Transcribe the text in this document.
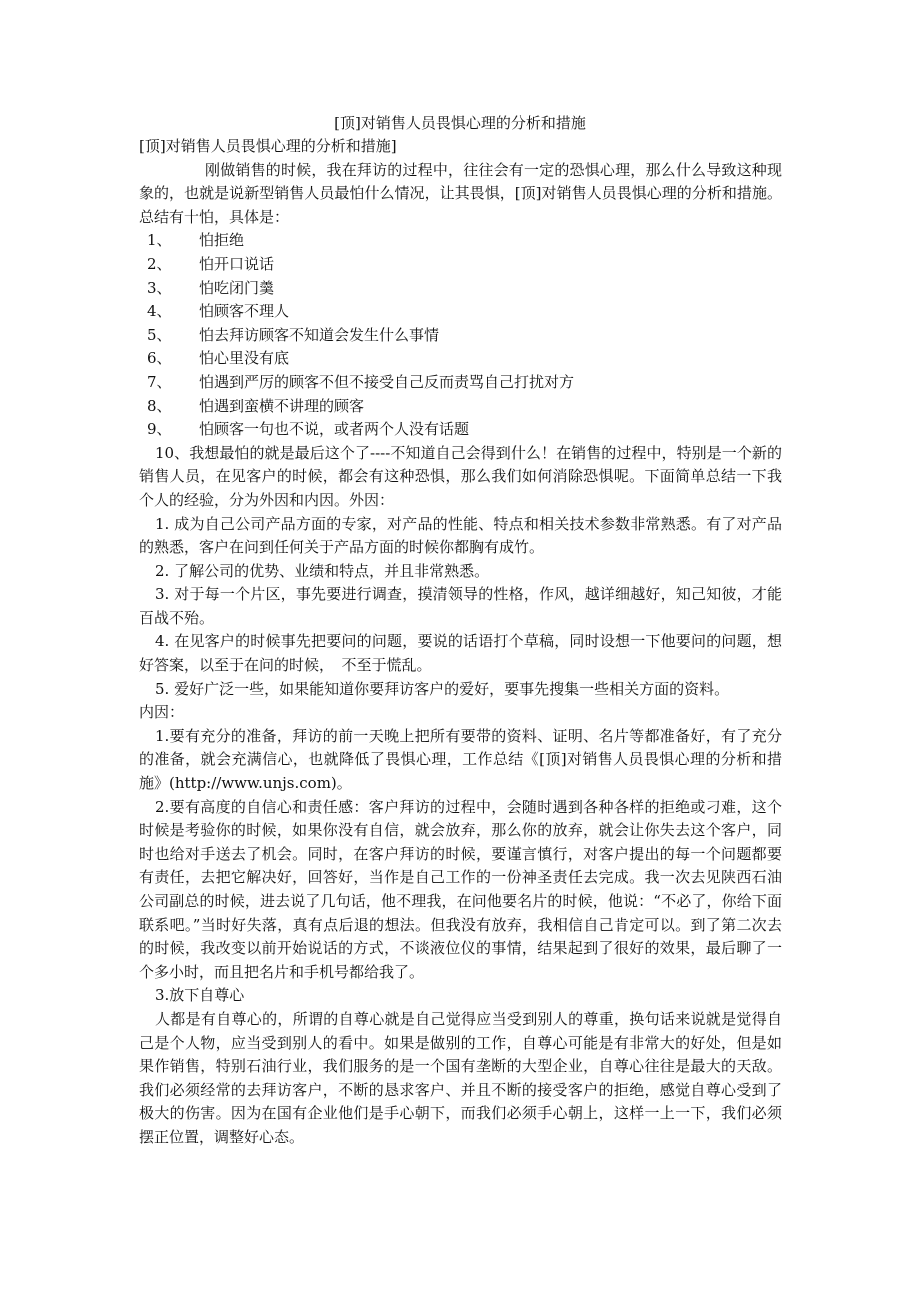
[顶]对销售人员畏惧心理的分析和措施

[顶]对销售人员畏惧心理的分析和措施]

刚做销售的时候，我在拜访的过程中，往往会有一定的恐惧心理，那么什么导致这种现象的，也就是说新型销售人员最怕什么情况，让其畏惧，[顶]对销售人员畏惧心理的分析和措施。总结有十怕，具体是：

1、 怕拒绝

2、 怕开口说话

3、 怕吃闭门羹

4、 怕顾客不理人

5、 怕去拜访顾客不知道会发生什么事情

6、 怕心里没有底

7、 怕遇到严厉的顾客不但不接受自己反而责骂自己打扰对方

8、 怕遇到蛮横不讲理的顾客

9、 怕顾客一句也不说，或者两个人没有话题

10、我想最怕的就是最后这个了----不知道自己会得到什么！在销售的过程中，特别是一个新的销售人员，在见客户的时候，都会有这种恐惧，那么我们如何消除恐惧呢。下面简单总结一下我个人的经验，分为外因和内因。外因：

1. 成为自己公司产品方面的专家，对产品的性能、特点和相关技术参数非常熟悉。有了对产品的熟悉，客户在问到任何关于产品方面的时候你都胸有成竹。

2. 了解公司的优势、业绩和特点，并且非常熟悉。

3. 对于每一个片区，事先要进行调查，摸清领导的性格，作风，越详细越好，知己知彼，才能百战不殆。

4. 在见客户的时候事先把要问的问题，要说的话语打个草稿，同时设想一下他要问的问题，想好答案，以至于在问的时候，　不至于慌乱。

5. 爱好广泛一些，如果能知道你要拜访客户的爱好，要事先搜集一些相关方面的资料。

内因：

1.要有充分的准备，拜访的前一天晚上把所有要带的资料、证明、名片等都准备好，有了充分的准备，就会充满信心，也就降低了畏惧心理，工作总结《[顶]对销售人员畏惧心理的分析和措施》(http://www.unjs.com)。

2.要有高度的自信心和责任感：客户拜访的过程中，会随时遇到各种各样的拒绝或刁难，这个时候是考验你的时候，如果你没有自信，就会放弃，那么你的放弃，就会让你失去这个客户，同时也给对手送去了机会。同时，在客户拜访的时候，要谨言慎行，对客户提出的每一个问题都要有责任，去把它解决好，回答好，当作是自己工作的一份神圣责任去完成。我一次去见陕西石油公司副总的时候，进去说了几句话，他不理我，在问他要名片的时候，他说：“不必了，你给下面联系吧。”当时好失落，真有点后退的想法。但我没有放弃，我相信自己肯定可以。到了第二次去的时候，我改变以前开始说话的方式，不谈液位仪的事情，结果起到了很好的效果，最后聊了一个多小时，而且把名片和手机号都给我了。

3.放下自尊心

人都是有自尊心的，所谓的自尊心就是自己觉得应当受到别人的尊重，换句话来说就是觉得自己是个人物，应当受到别人的看中。如果是做别的工作，自尊心可能是有非常大的好处，但是如果作销售，特别石油行业，我们服务的是一个国有垄断的大型企业，自尊心往往是最大的天敌。我们必须经常的去拜访客户，不断的恳求客户、并且不断的接受客户的拒绝，感觉自尊心受到了极大的伤害。因为在国有企业他们是手心朝下，而我们必须手心朝上，这样一上一下，我们必须摆正位置，调整好心态。
